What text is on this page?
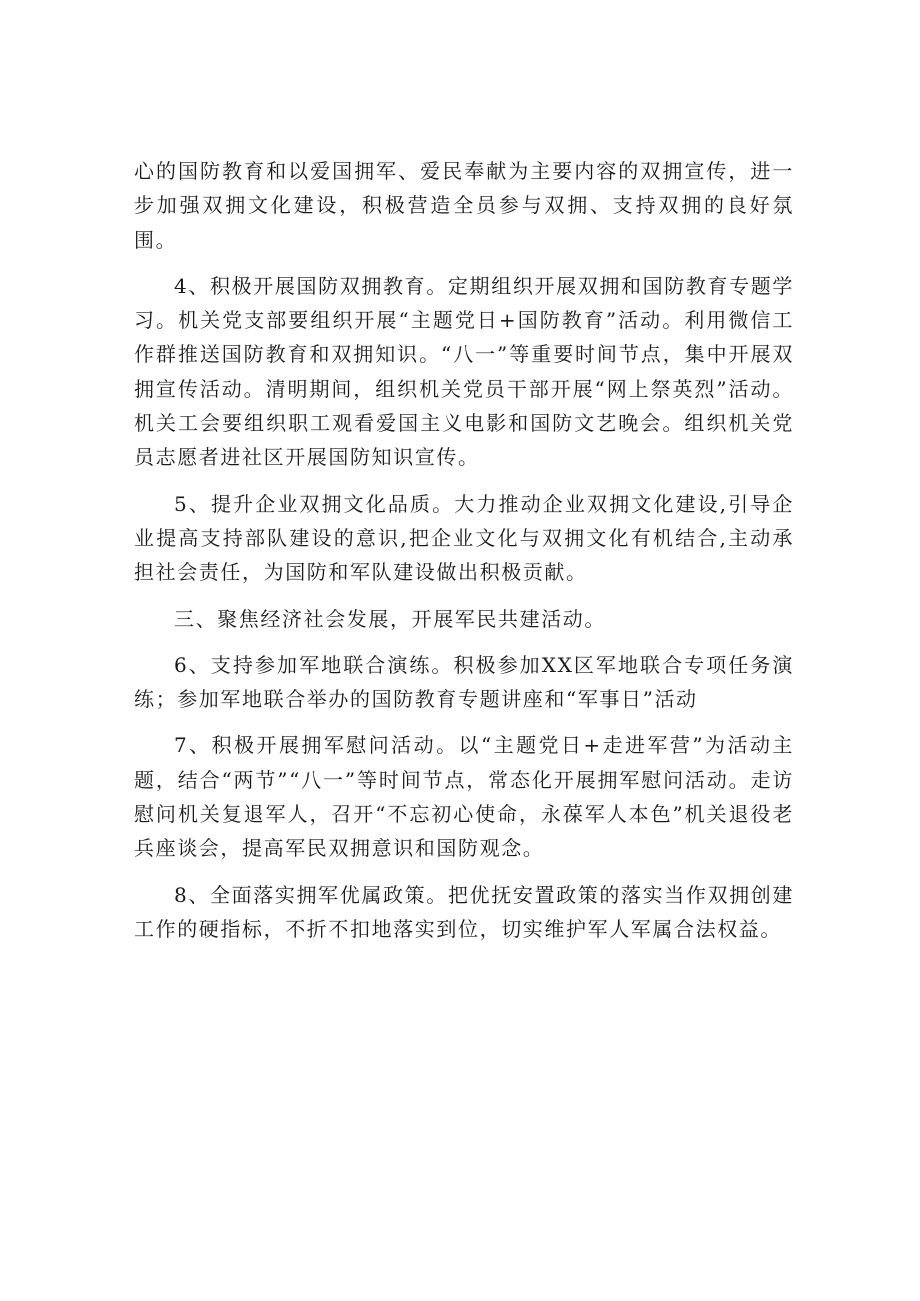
心的国防教育和以爱国拥军、爱民奉献为主要内容的双拥宣传，进一步加强双拥文化建设，积极营造全员参与双拥、支持双拥的良好氛围。

4、积极开展国防双拥教育。定期组织开展双拥和国防教育专题学习。机关党支部要组织开展“主题党日+国防教育”活动。利用微信工作群推送国防教育和双拥知识。“八一”等重要时间节点，集中开展双拥宣传活动。清明期间，组织机关党员干部开展“网上祭英烈”活动。机关工会要组织职工观看爱国主义电影和国防文艺晚会。组织机关党员志愿者进社区开展国防知识宣传。

5、提升企业双拥文化品质。大力推动企业双拥文化建设,引导企业提高支持部队建设的意识,把企业文化与双拥文化有机结合,主动承担社会责任，为国防和军队建设做出积极贡献。

三、聚焦经济社会发展，开展军民共建活动。

6、支持参加军地联合演练。积极参加XX区军地联合专项任务演练；参加军地联合举办的国防教育专题讲座和“军事日”活动

7、积极开展拥军慰问活动。以“主题党日+走进军营”为活动主题，结合“两节”“八一”等时间节点，常态化开展拥军慰问活动。走访慰问机关复退军人，召开“不忘初心使命，永葆军人本色”机关退役老兵座谈会，提高军民双拥意识和国防观念。

8、全面落实拥军优属政策。把优抚安置政策的落实当作双拥创建工作的硬指标，不折不扣地落实到位，切实维护军人军属合法权益。
